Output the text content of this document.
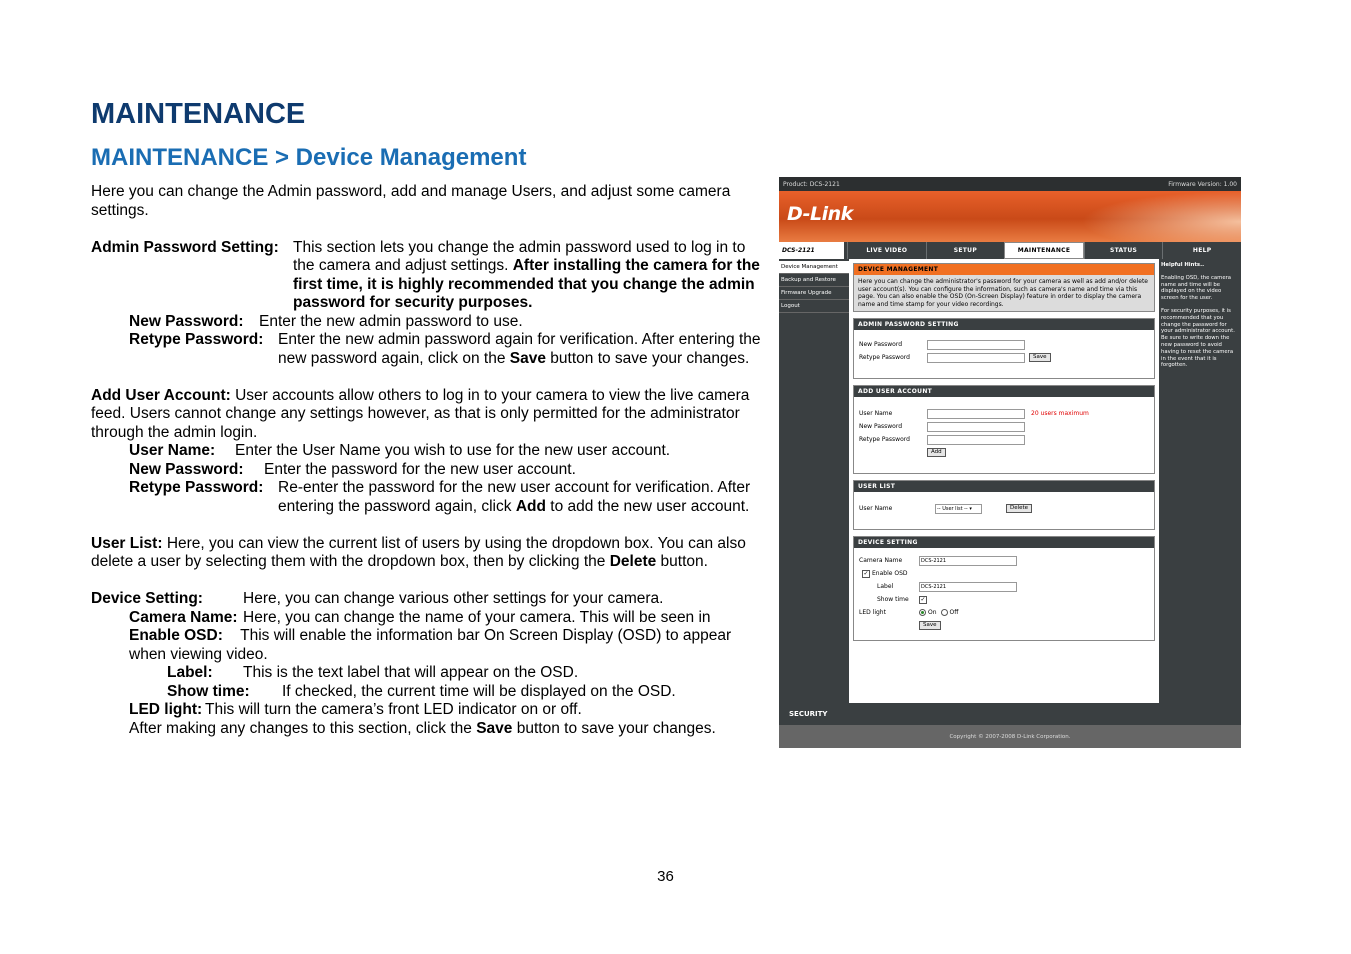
MAINTENANCE
MAINTENANCE > Device Management

Here you can change the Admin password, add and manage Users, and adjust some camera settings.

Admin Password Setting: This section lets you change the admin password used to log in to the camera and adjust settings. After installing the camera for the first time, it is highly recommended that you change the admin password for security purposes.
New Password: Enter the new admin password to use.
Retype Password: Enter the new admin password again for verification. After entering the new password again, click on the Save button to save your changes.

Add User Account: User accounts allow others to log in to your camera to view the live camera feed. Users cannot change any settings however, as that is only permitted for the administrator through the admin login.

User Name:	Enter the User Name you wish to use for the new user account.
New Password:	Enter the password for the new user account.
Retype Password: Re-enter the password for the new user account for verification. After entering the password again, click Add to add the new user account.

User List: Here, you can view the current list of users by using the dropdown box. You can also delete a user by selecting them with the dropdown box, then by clicking the Delete button.

Device Setting:	Here, you can change various other settings for your camera.
Camera Name: Here, you can change the name of your camera. This will be seen in

Enable OSD: This will enable the information bar On Screen Display (OSD) to appear when viewing video.

Label:	This is the text label that will appear on the OSD.
Show time:	If checked, the current time will be displayed on the OSD.
LED light: This will turn the camera’s front LED indicator on or off.

After making any changes to this section, click the Save button to save your changes.

Product: DCS-2121	Firmware Version: 1.00
D-Link
DCS-2121	LIVE VIDEO	SETUP	MAINTENANCE	STATUS	HELP
Device Management
Backup and Restore
Firmware Upgrade
Logout
DEVICE MANAGEMENT
Here you can change the administrator's password for your camera as well as add and/or delete user account(s). You can configure the information, such as camera's name and time via this page. You can also enable the OSD (On-Screen Display) feature in order to display the camera name and time stamp for your video recordings.
ADMIN PASSWORD SETTING
New Password
Retype Password	Save
ADD USER ACCOUNT
User Name	20 users maximum
New Password
Retype Password
Add
USER LIST
User Name	-- User list -- ▾	Delete
DEVICE SETTING
Camera Name	DCS-2121
✓ Enable OSD
Label	DCS-2121
Show time	✓
LED light	On Off
Save
Helpful Hints..
Enabling OSD, the camera name and time will be displayed on the video screen for the user.
For security purposes, it is recommended that you change the password for your administrator account. Be sure to write down the new password to avoid having to reset the camera in the event that it is forgotten.
SECURITY
Copyright © 2007-2008 D-Link Corporation.
36
